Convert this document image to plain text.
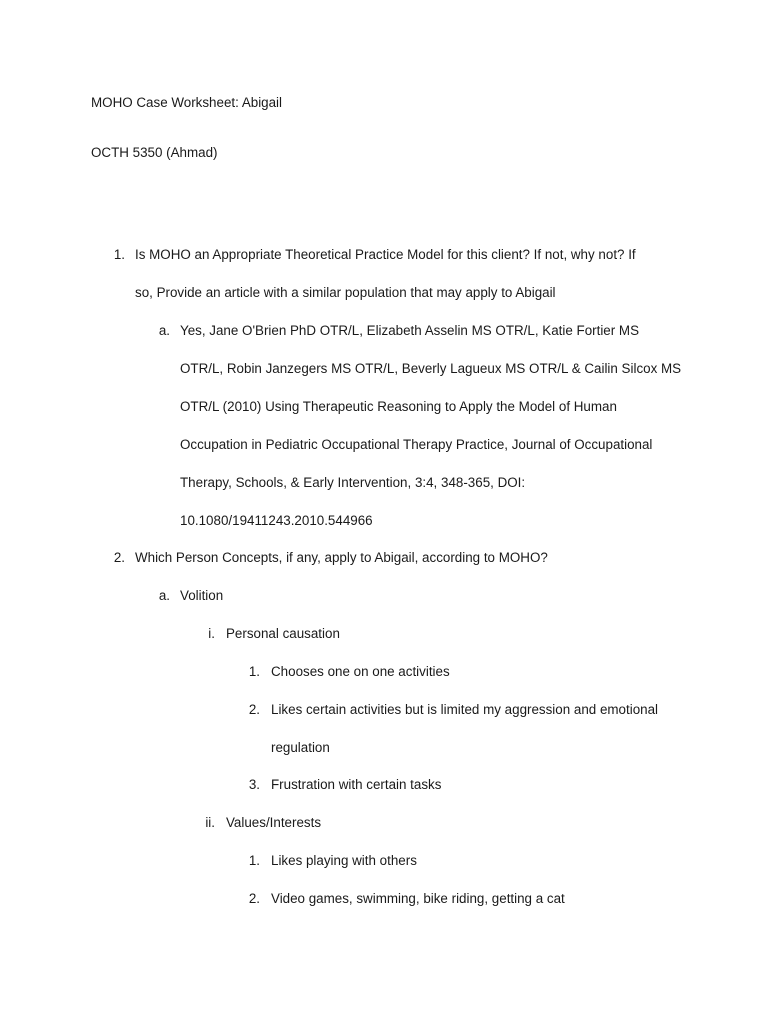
MOHO Case Worksheet: Abigail
OCTH 5350 (Ahmad)
1. Is MOHO an Appropriate Theoretical Practice Model for this client? If not, why not? If
so, Provide an article with a similar population that may apply to Abigail
a. Yes, Jane O'Brien PhD OTR/L, Elizabeth Asselin MS OTR/L, Katie Fortier MS
OTR/L, Robin Janzegers MS OTR/L, Beverly Lagueux MS OTR/L & Cailin Silcox MS
OTR/L (2010) Using Therapeutic Reasoning to Apply the Model of Human
Occupation in Pediatric Occupational Therapy Practice, Journal of Occupational
Therapy, Schools, & Early Intervention, 3:4, 348-365, DOI:
10.1080/19411243.2010.544966
2. Which Person Concepts, if any, apply to Abigail, according to MOHO?
a. Volition
i. Personal causation
1. Chooses one on one activities
2. Likes certain activities but is limited my aggression and emotional
regulation
3. Frustration with certain tasks
ii. Values/Interests
1. Likes playing with others
2. Video games, swimming, bike riding, getting a cat
